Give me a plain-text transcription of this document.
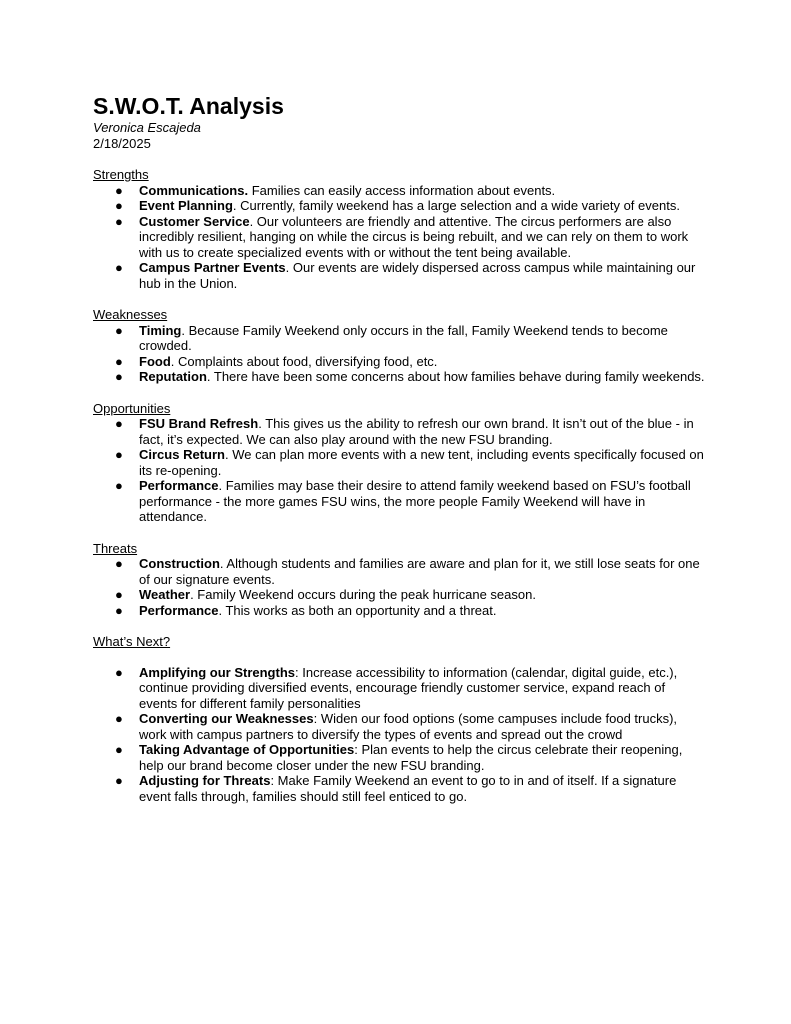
S.W.O.T. Analysis

Veronica Escajeda

2/18/2025

Strengths

● Communications. Families can easily access information about events.
● Event Planning. Currently, family weekend has a large selection and a wide variety of events.
● Customer Service. Our volunteers are friendly and attentive. The circus performers are also incredibly resilient, hanging on while the circus is being rebuilt, and we can rely on them to work with us to create specialized events with or without the tent being available.
● Campus Partner Events. Our events are widely dispersed across campus while maintaining our hub in the Union.

Weaknesses

● Timing. Because Family Weekend only occurs in the fall, Family Weekend tends to become crowded.
● Food. Complaints about food, diversifying food, etc.
● Reputation. There have been some concerns about how families behave during family weekends.

Opportunities

● FSU Brand Refresh. This gives us the ability to refresh our own brand. It isn’t out of the blue - in fact, it’s expected. We can also play around with the new FSU branding.
● Circus Return. We can plan more events with a new tent, including events specifically focused on its re-opening.
● Performance. Families may base their desire to attend family weekend based on FSU’s football performance - the more games FSU wins, the more people Family Weekend will have in attendance.

Threats

● Construction. Although students and families are aware and plan for it, we still lose seats for one of our signature events.
● Weather. Family Weekend occurs during the peak hurricane season.
● Performance. This works as both an opportunity and a threat.

What’s Next?

● Amplifying our Strengths: Increase accessibility to information (calendar, digital guide, etc.), continue providing diversified events, encourage friendly customer service, expand reach of events for different family personalities
● Converting our Weaknesses: Widen our food options (some campuses include food trucks), work with campus partners to diversify the types of events and spread out the crowd
● Taking Advantage of Opportunities: Plan events to help the circus celebrate their reopening, help our brand become closer under the new FSU branding.
● Adjusting for Threats: Make Family Weekend an event to go to in and of itself. If a signature event falls through, families should still feel enticed to go.
